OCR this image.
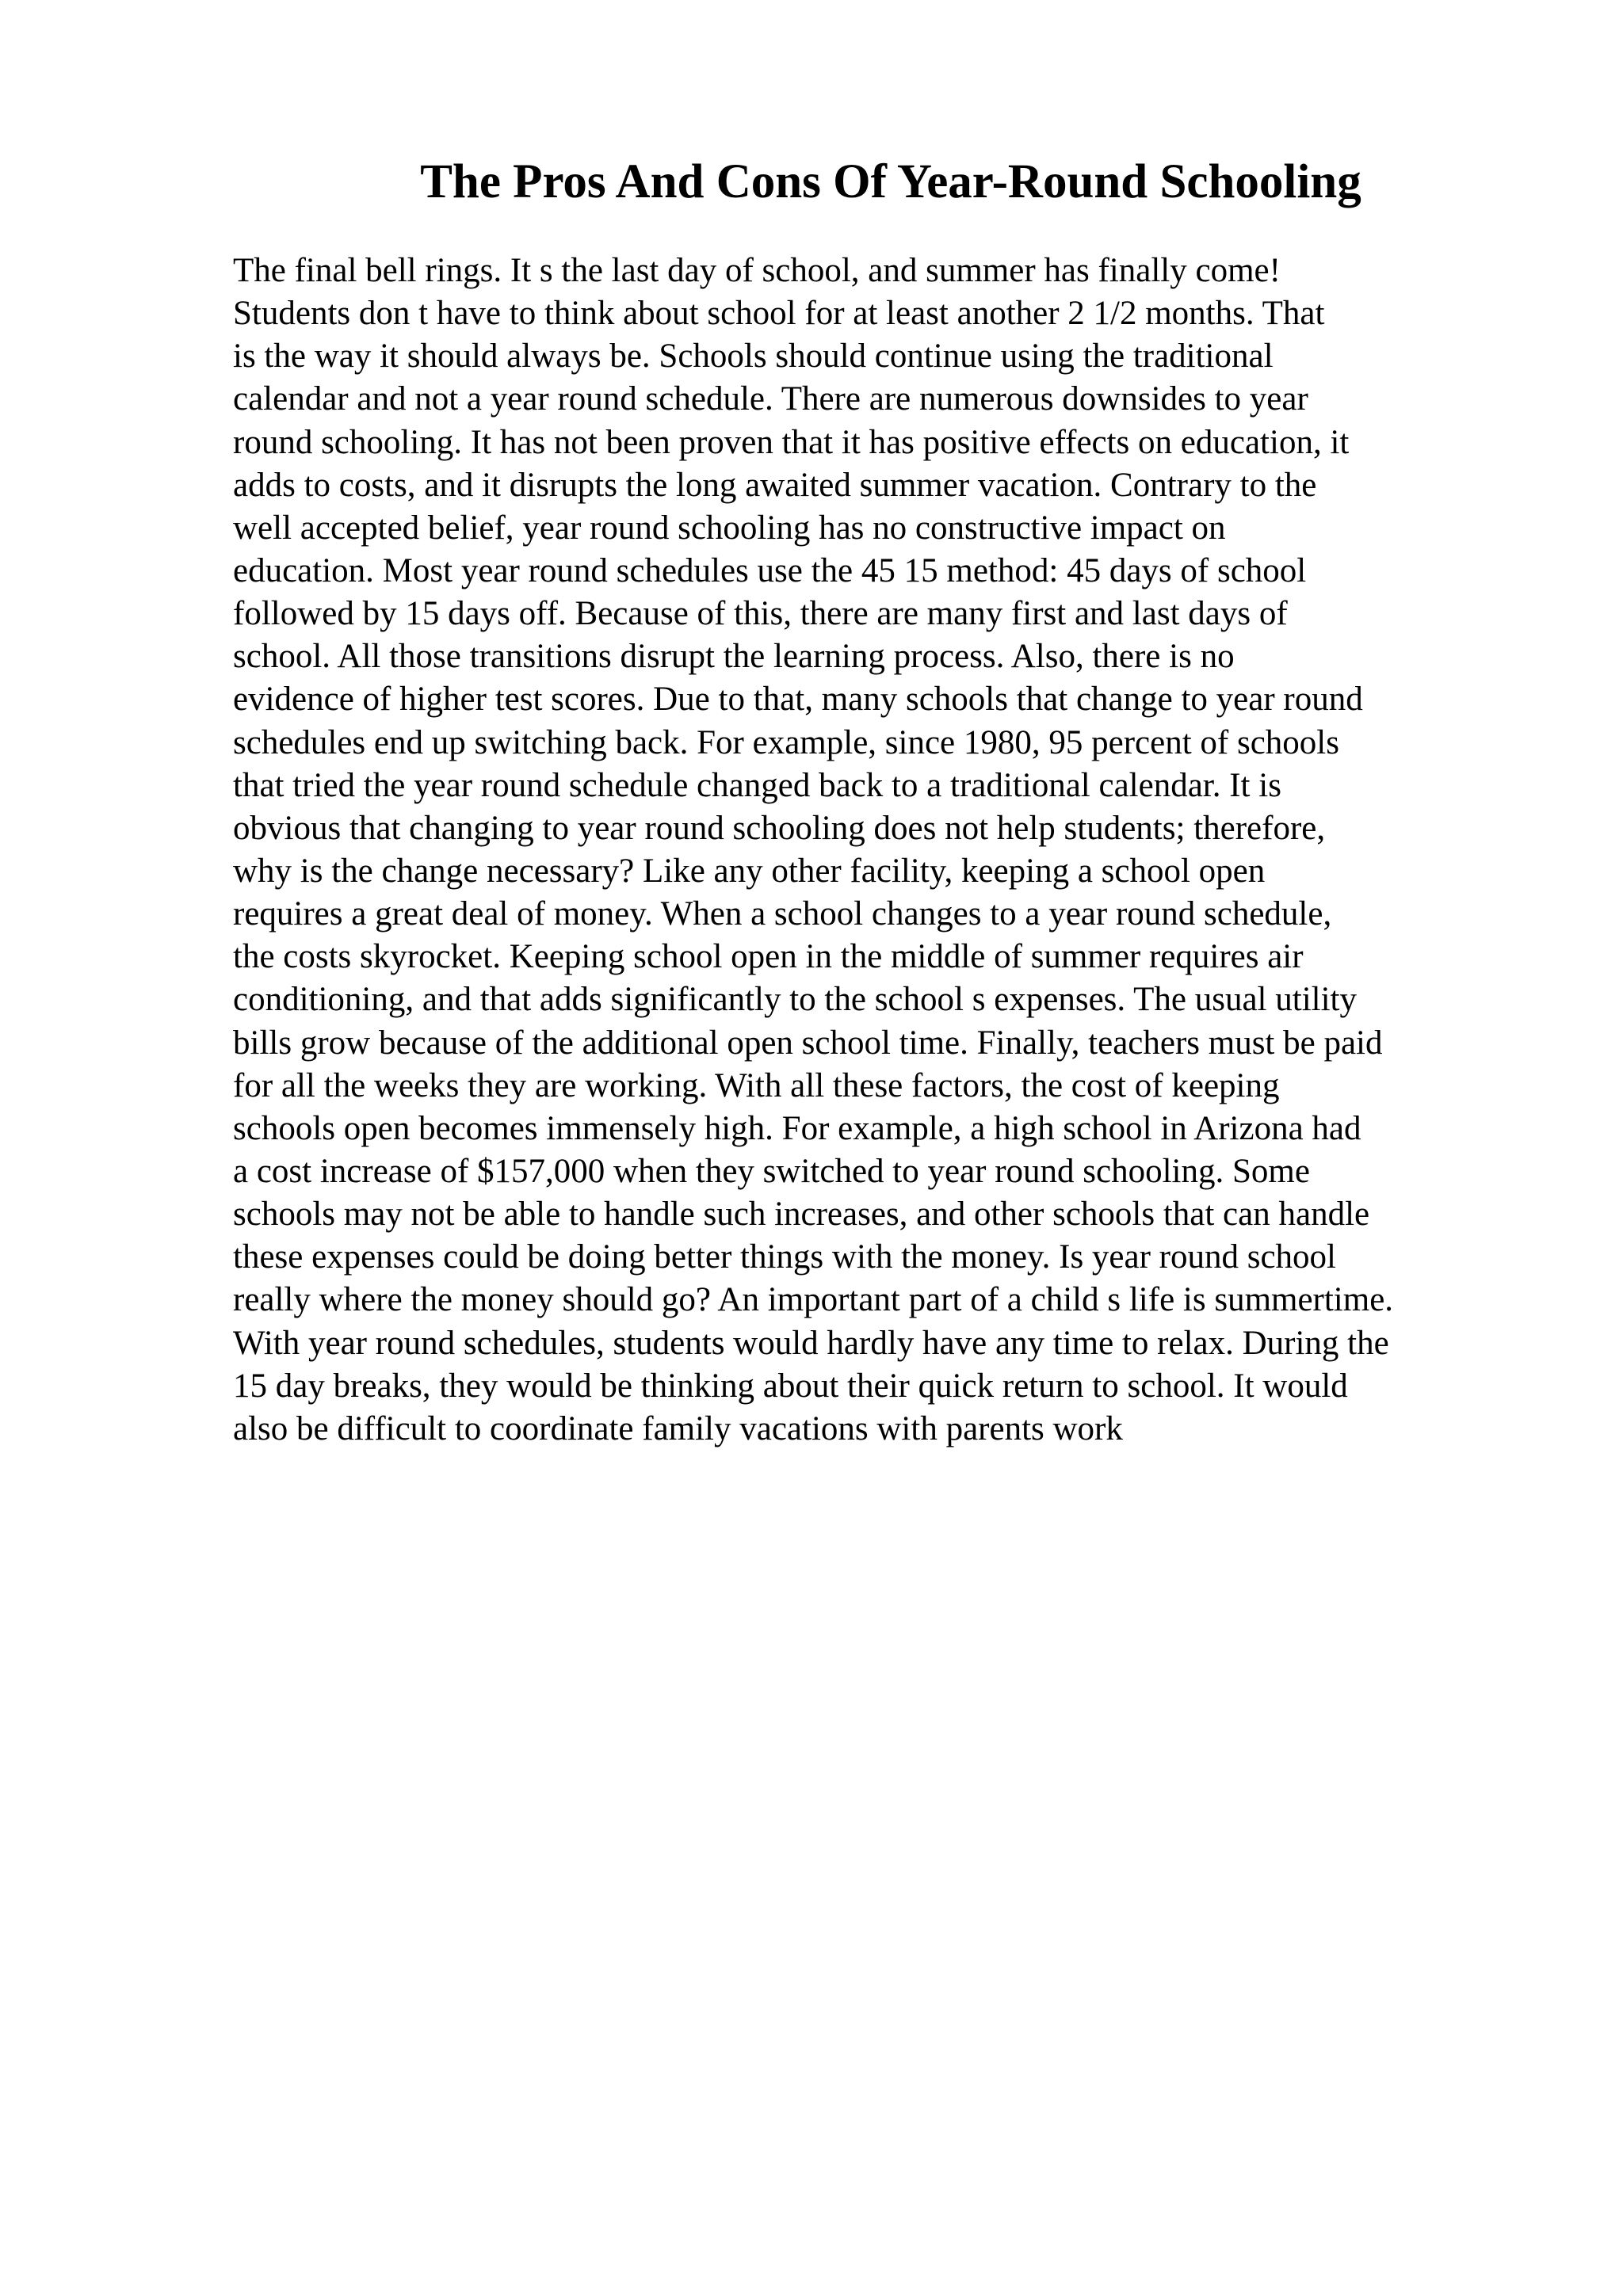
The Pros And Cons Of Year-Round Schooling
The final bell rings. It s the last day of school, and summer has finally come!
Students don t have to think about school for at least another 2 1/2 months. That
is the way it should always be. Schools should continue using the traditional
calendar and not a year round schedule. There are numerous downsides to year
round schooling. It has not been proven that it has positive effects on education, it
adds to costs, and it disrupts the long awaited summer vacation. Contrary to the
well accepted belief, year round schooling has no constructive impact on
education. Most year round schedules use the 45 15 method: 45 days of school
followed by 15 days off. Because of this, there are many first and last days of
school. All those transitions disrupt the learning process. Also, there is no
evidence of higher test scores. Due to that, many schools that change to year round
schedules end up switching back. For example, since 1980, 95 percent of schools
that tried the year round schedule changed back to a traditional calendar. It is
obvious that changing to year round schooling does not help students; therefore,
why is the change necessary? Like any other facility, keeping a school open
requires a great deal of money. When a school changes to a year round schedule,
the costs skyrocket. Keeping school open in the middle of summer requires air
conditioning, and that adds significantly to the school s expenses. The usual utility
bills grow because of the additional open school time. Finally, teachers must be paid
for all the weeks they are working. With all these factors, the cost of keeping
schools open becomes immensely high. For example, a high school in Arizona had
a cost increase of $157,000 when they switched to year round schooling. Some
schools may not be able to handle such increases, and other schools that can handle
these expenses could be doing better things with the money. Is year round school
really where the money should go? An important part of a child s life is summertime.
With year round schedules, students would hardly have any time to relax. During the
15 day breaks, they would be thinking about their quick return to school. It would
also be difficult to coordinate family vacations with parents work
